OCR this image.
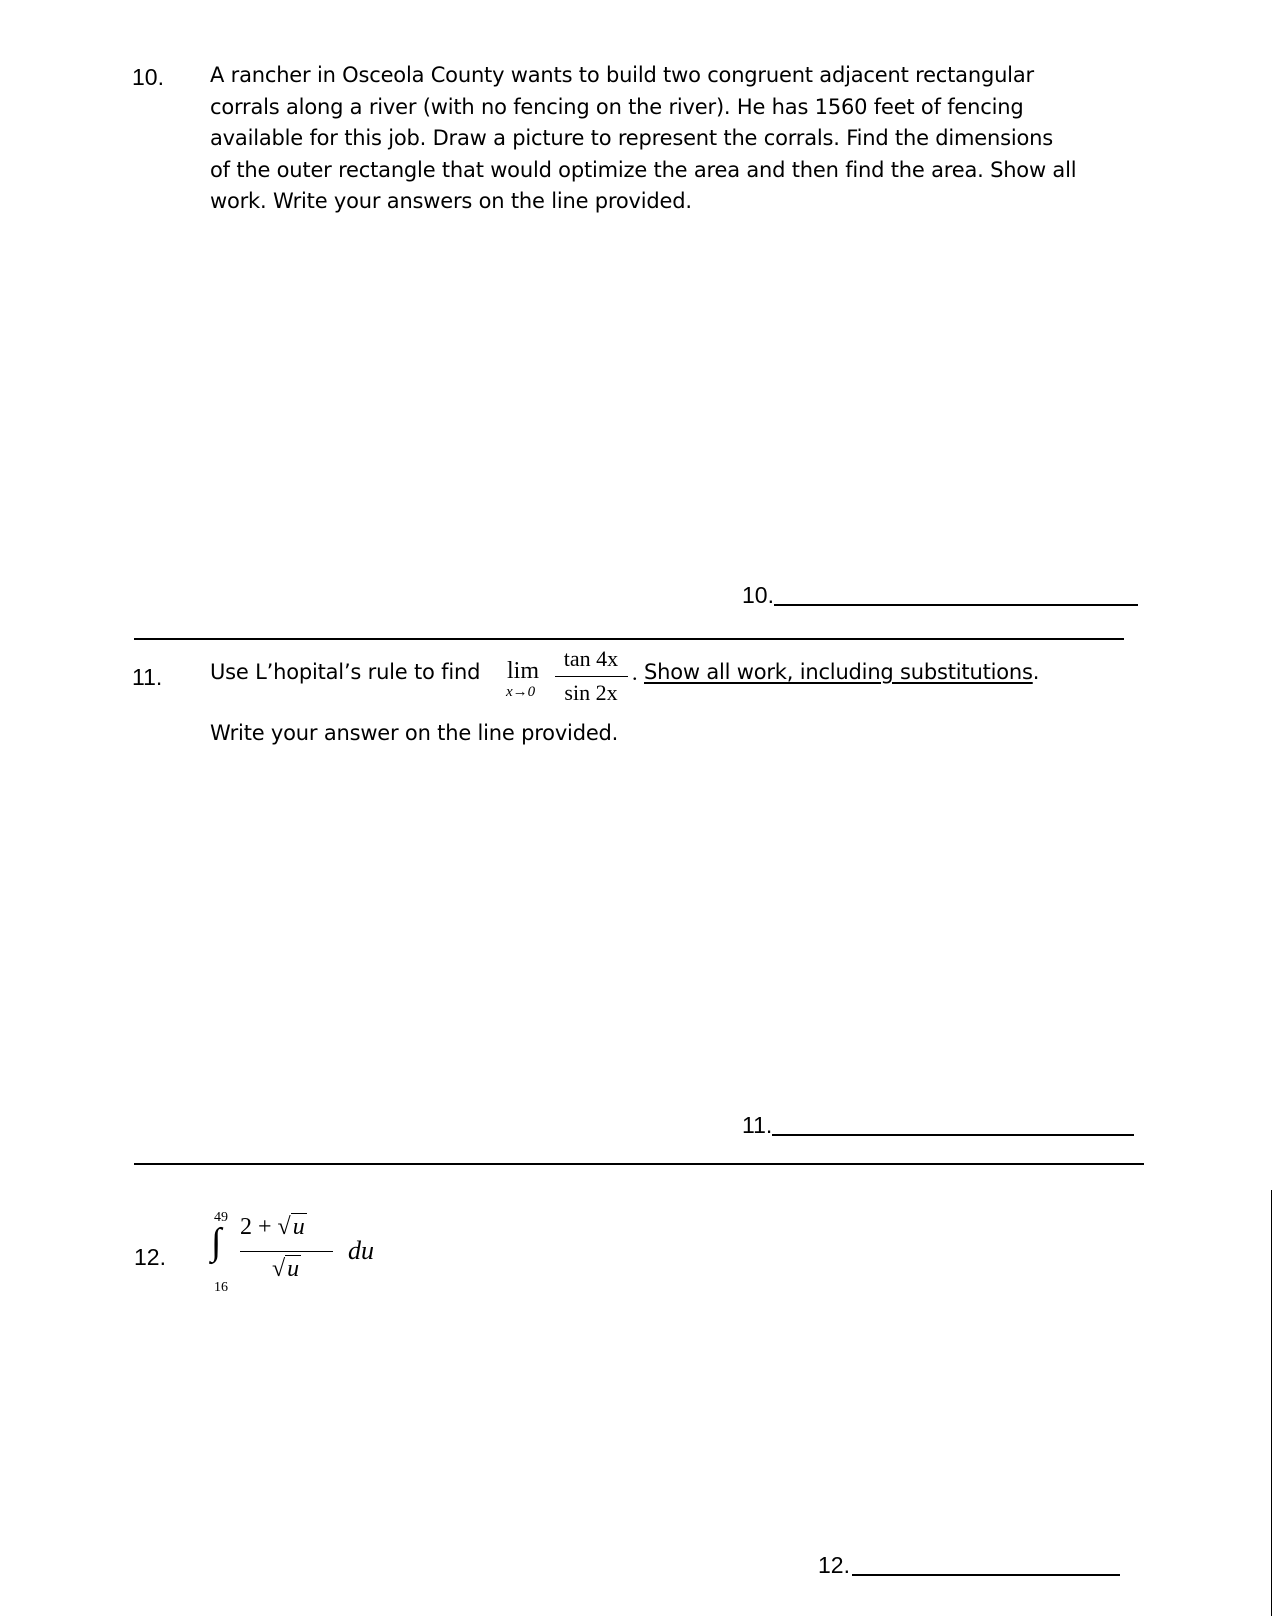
10. A rancher in Osceola County wants to build two congruent adjacent rectangular
corrals along a river (with no fencing on the river). He has 1560 feet of fencing
available for this job. Draw a picture to represent the corrals. Find the dimensions
of the outer rectangle that would optimize the area and then find the area. Show all
work. Write your answers on the line provided.
10.
11. Use L’hopital’s rule to find lim
x→0
tan 4x
sin 2x
. Show all work, including substitutions.
Write your answer on the line provided.
11.
12.
49
∫
16
2 + √u
√u
du
12.
